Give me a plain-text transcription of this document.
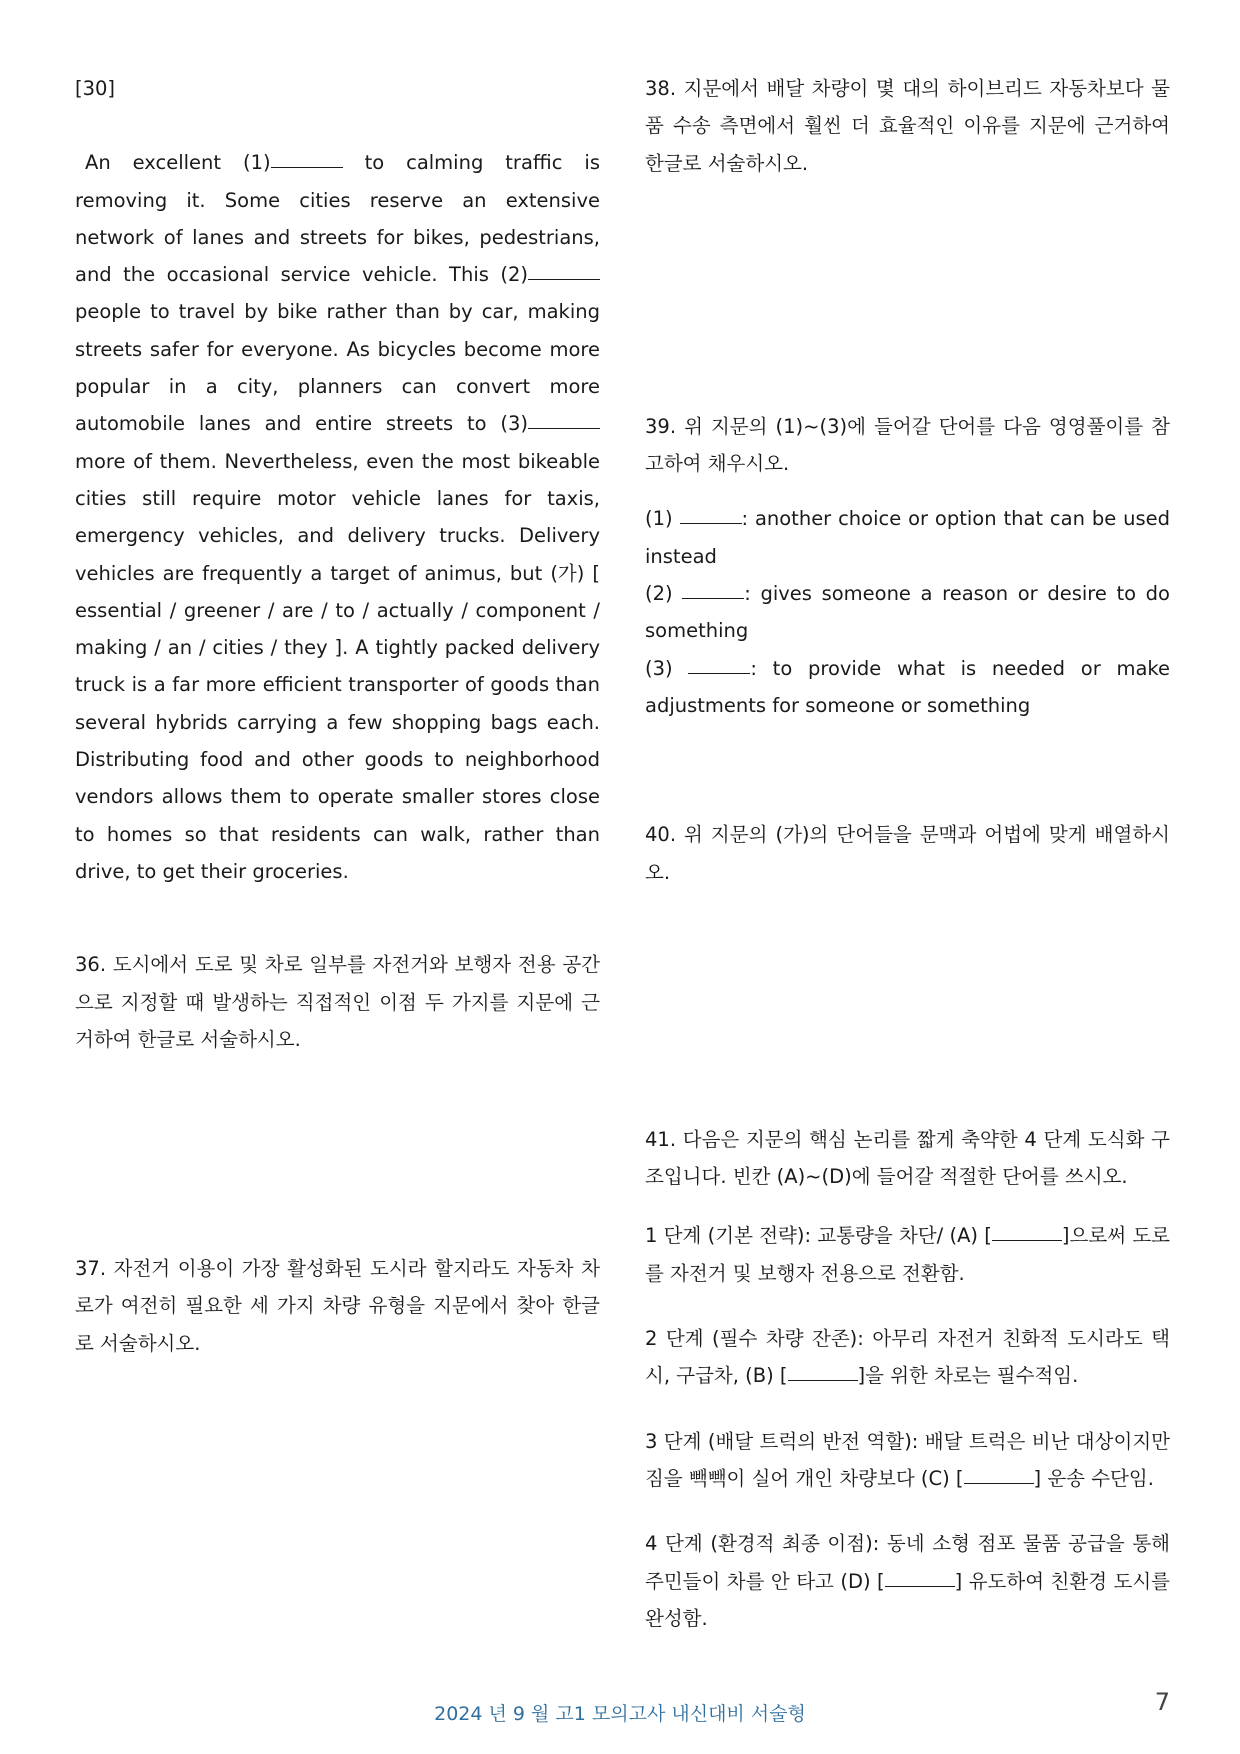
[30]

An excellent (1)	to calming traffic is removing it. Some cities reserve an extensive network of lanes and streets for bikes, pedestrians, and the occasional service vehicle. This (2) people to travel by bike rather than by car, making streets safer for everyone. As bicycles become more popular in a city, planners can convert more automobile lanes and entire streets to (3) more of them. Nevertheless, even the most bikeable cities still require motor vehicle lanes for taxis, emergency vehicles, and delivery trucks. Delivery vehicles are frequently a target of animus, but (가) [ essential / greener / are / to / actually / component / making / an / cities / they ]. A tightly packed delivery truck is a far more efficient transporter of goods than several hybrids carrying a few shopping bags each. Distributing food and other goods to neighborhood vendors allows them to operate smaller stores close to homes so that residents can walk, rather than drive, to get their groceries.

36. 도시에서 도로 및 차로 일부를 자전거와 보행자 전용 공간으로 지정할 때 발생하는 직접적인 이점 두 가지를 지문에 근거하여 한글로 서술하시오.

37. 자전거 이용이 가장 활성화된 도시라 할지라도 자동차 차로가 여전히 필요한 세 가지 차량 유형을 지문에서 찾아 한글로 서술하시오.

38. 지문에서 배달 차량이 몇 대의 하이브리드 자동차보다 물품 수송 측면에서 훨씬 더 효율적인 이유를 지문에 근거하여 한글로 서술하시오.

39. 위 지문의 (1)~(3)에 들어갈 단어를 다음 영영풀이를 참고하여 채우시오.

(1)	: another choice or option that can be used instead

(2)	: gives someone a reason or desire to do something

(3)	: to provide what is needed or make adjustments for someone or something

40. 위 지문의 (가)의 단어들을 문맥과 어법에 맞게 배열하시오.

41. 다음은 지문의 핵심 논리를 짧게 축약한 4 단계 도식화 구조입니다. 빈칸 (A)~(D)에 들어갈 적절한 단어를 쓰시오.

1 단계 (기본 전략): 교통량을 차단/ (A) [	]으로써 도로를 자전거 및 보행자 전용으로 전환함.

2 단계 (필수 차량 잔존): 아무리 자전거 친화적 도시라도 택시, 구급차, (B) [	]을 위한 차로는 필수적임.

3 단계 (배달 트럭의 반전 역할): 배달 트럭은 비난 대상이지만 짐을 빽빽이 실어 개인 차량보다 (C) [	] 운송 수단임.

4 단계 (환경적 최종 이점): 동네 소형 점포 물품 공급을 통해 주민들이 차를 안 타고 (D) [	] 유도하여 친환경 도시를 완성함.

2024 년 9 월 고1 모의고사 내신대비 서술형	7
